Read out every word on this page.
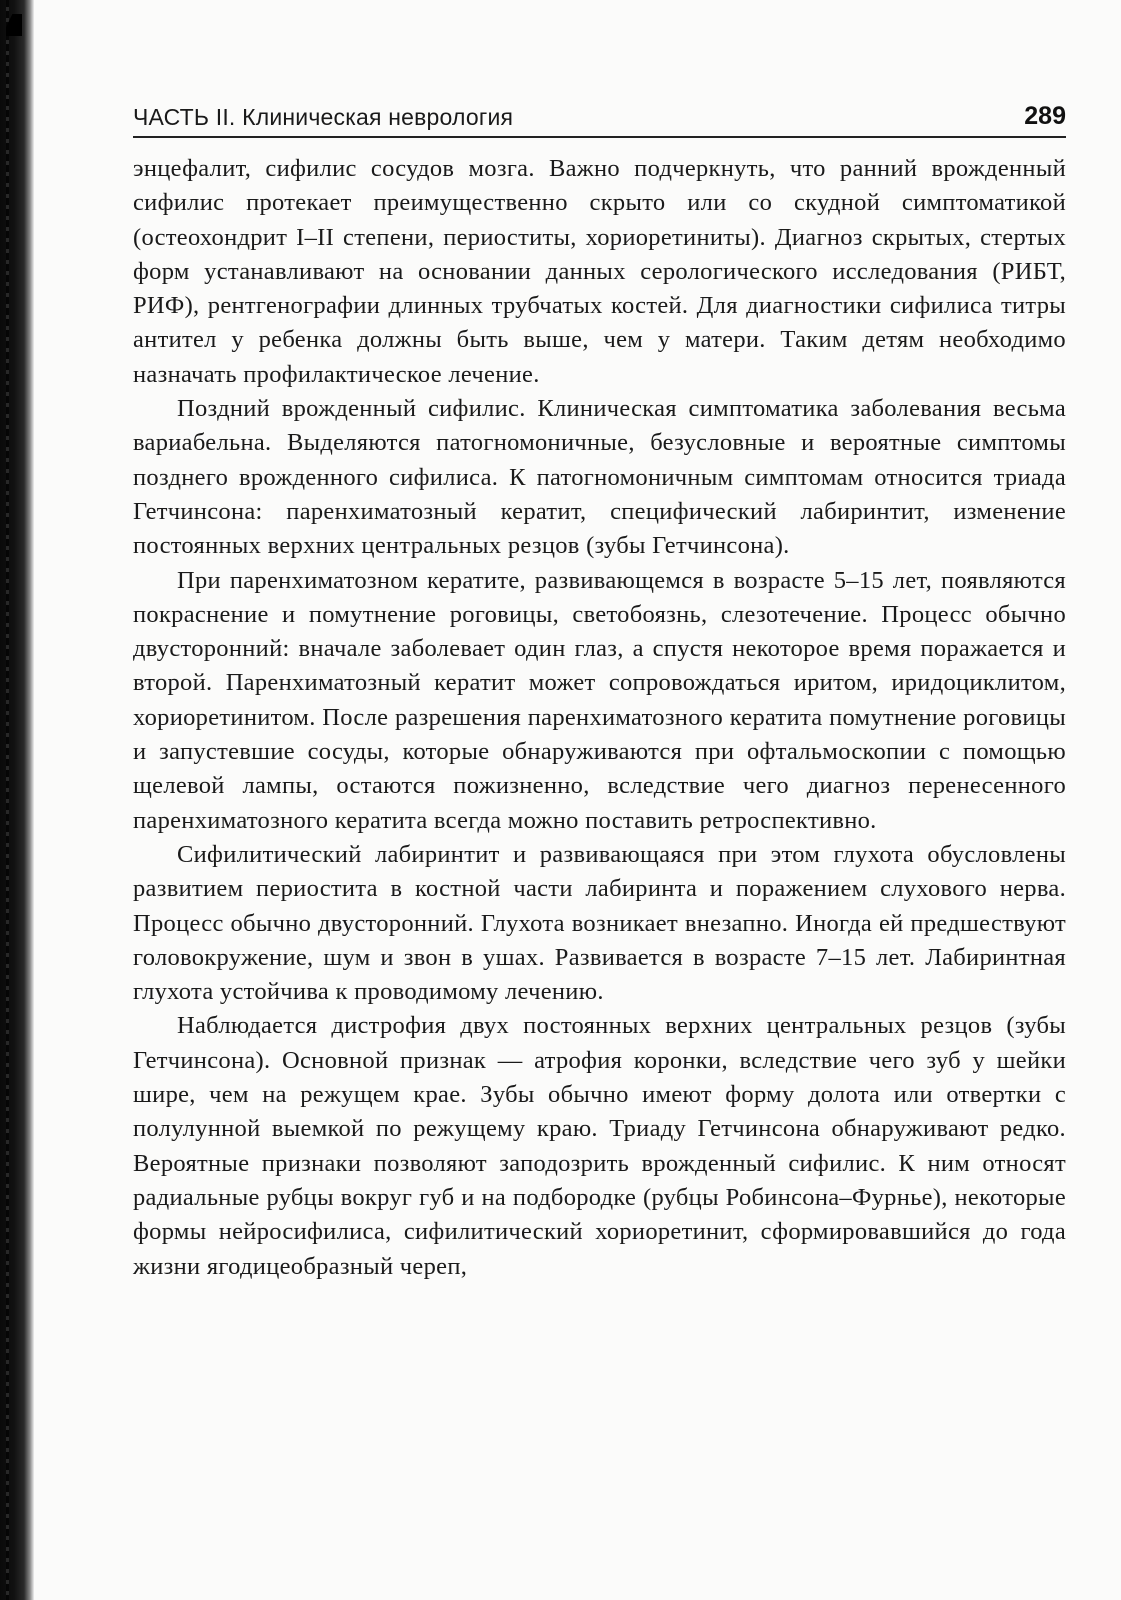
ЧАСТЬ II. Клиническая неврология	289

энцефалит, сифилис сосудов мозга. Важно подчеркнуть, что ранний врожденный сифилис протекает преимущественно скрыто или со скудной симптоматикой (остеохондрит I–II степени, периоститы, хориоретиниты). Диагноз скрытых, стертых форм устанавливают на основании данных серологического исследования (РИБТ, РИФ), рентгенографии длинных трубчатых костей. Для диагностики сифилиса титры антител у ребенка должны быть выше, чем у матери. Таким детям необходимо назначать профилактическое лечение.

Поздний врожденный сифилис. Клиническая симптоматика заболевания весьма вариабельна. Выделяются патогномоничные, безусловные и вероятные симптомы позднего врожденного сифилиса. К патогномоничным симптомам относится триада Гетчинсона: паренхиматозный кератит, специфический лабиринтит, изменение постоянных верхних центральных резцов (зубы Гетчинсона).

При паренхиматозном кератите, развивающемся в возрасте 5–15 лет, появляются покраснение и помутнение роговицы, светобоязнь, слезотечение. Процесс обычно двусторонний: вначале заболевает один глаз, а спустя некоторое время поражается и второй. Паренхиматозный кератит может сопровождаться иритом, иридоциклитом, хориоретинитом. После разрешения паренхиматозного кератита помутнение роговицы и запустевшие сосуды, которые обнаруживаются при офтальмоскопии с помощью щелевой лампы, остаются пожизненно, вследствие чего диагноз перенесенного паренхиматозного кератита всегда можно поставить ретроспективно.

Сифилитический лабиринтит и развивающаяся при этом глухота обусловлены развитием периостита в костной части лабиринта и поражением слухового нерва. Процесс обычно двусторонний. Глухота возникает внезапно. Иногда ей предшествуют головокружение, шум и звон в ушах. Развивается в возрасте 7–15 лет. Лабиринтная глухота устойчива к проводимому лечению.

Наблюдается дистрофия двух постоянных верхних центральных резцов (зубы Гетчинсона). Основной признак — атрофия коронки, вследствие чего зуб у шейки шире, чем на режущем крае. Зубы обычно имеют форму долота или отвертки с полулунной выемкой по режущему краю. Триаду Гетчинсона обнаруживают редко. Вероятные признаки позволяют заподозрить врожденный сифилис. К ним относят радиальные рубцы вокруг губ и на подбородке (рубцы Робинсона–Фурнье), некоторые формы нейросифилиса, сифилитический хориоретинит, сформировавшийся до года жизни ягодицеобразный череп,
